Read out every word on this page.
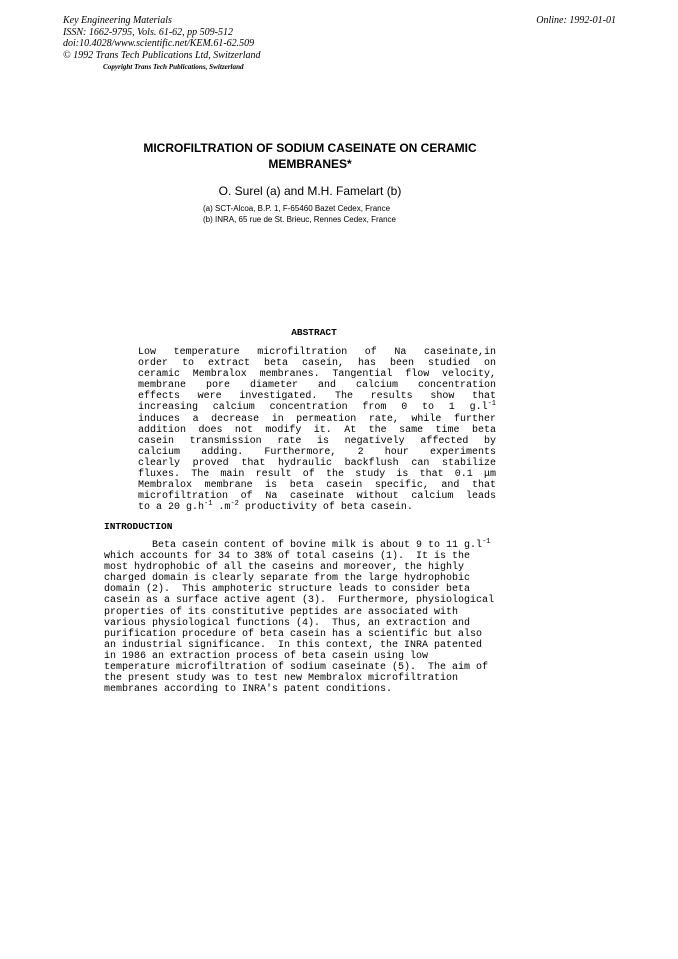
Key Engineering Materials
ISSN: 1662-9795, Vols. 61-62, pp 509-512
doi:10.4028/www.scientific.net/KEM.61-62.509
© 1992 Trans Tech Publications Ltd, Switzerland
Online: 1992-01-01
Copyright Trans Tech Publications, Switzerland
MICROFILTRATION OF SODIUM CASEINATE ON CERAMIC
MEMBRANES*
O. Surel (a) and M.H. Famelart (b)
(a) SCT-Alcoa, B.P. 1, F-65460 Bazet Cedex, France
(b) INRA, 65 rue de St. Brieuc, Rennes Cedex, France
ABSTRACT
Low temperature microfiltration of Na caseinate,in
order to extract beta casein, has been studied on
ceramic Membralox membranes. Tangential flow velocity,
membrane pore diameter and calcium concentration
effects were investigated. The results show that
increasing calcium concentration from 0 to 1 $g.l^{-1}$
induces a decrease in permeation rate, while further
addition does not modify it. At the same time beta
casein transmission rate is negatively affected by
calcium adding. Furthermore, 2 hour experiments
clearly proved that hydraulic backflush can stabilize
fluxes. The main result of the study is that 0.1 μm
Membralox membrane is beta casein specific, and that
microfiltration of Na caseinate without calcium leads
to a 20 $g.h^{-1}$ $.m^{-2}$ productivity of beta casein.
INTRODUCTION
Beta casein content of bovine milk is about 9 to 11 $g.l^{-1}$
which accounts for 34 to 38% of total caseins (1).  It is the
most hydrophobic of all the caseins and moreover, the highly
charged domain is clearly separate from the large hydrophobic
domain (2).  This amphoteric structure leads to consider beta
casein as a surface active agent (3).  Furthermore, physiological
properties of its constitutive peptides are associated with
various physiological functions (4).  Thus, an extraction and
purification procedure of beta casein has a scientific but also
an industrial significance.  In this context, the INRA patented
in 1986 an extraction process of beta casein using low
temperature microfiltration of sodium caseinate (5).  The aim of
the present study was to test new Membralox microfiltration
membranes according to INRA's patent conditions.
